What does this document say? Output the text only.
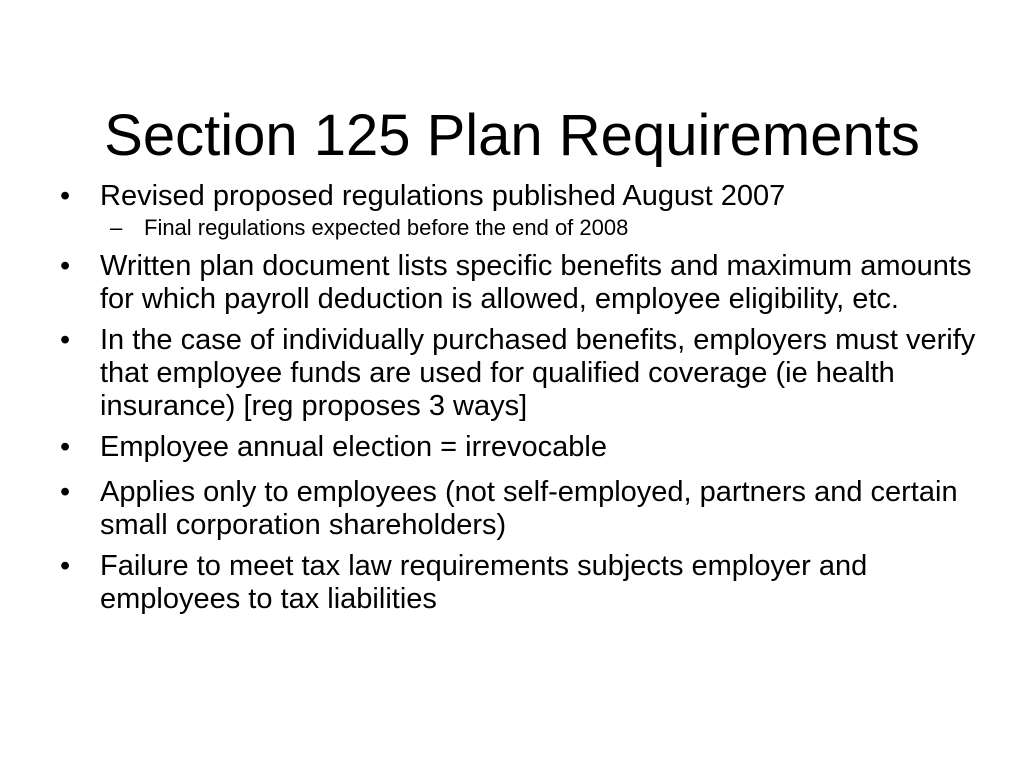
Section 125 Plan Requirements
•	Revised proposed regulations published August 2007
– Final regulations expected before the end of 2008
•	Written plan document lists specific benefits and maximum amounts for which payroll deduction is allowed, employee eligibility, etc.
•	In the case of individually purchased benefits, employers must verify that employee funds are used for qualified coverage (ie health insurance) [reg proposes 3 ways]
•	Employee annual election = irrevocable
•	Applies only to employees (not self-employed, partners and certain small corporation shareholders)
•	Failure to meet tax law requirements subjects employer and employees to tax liabilities
